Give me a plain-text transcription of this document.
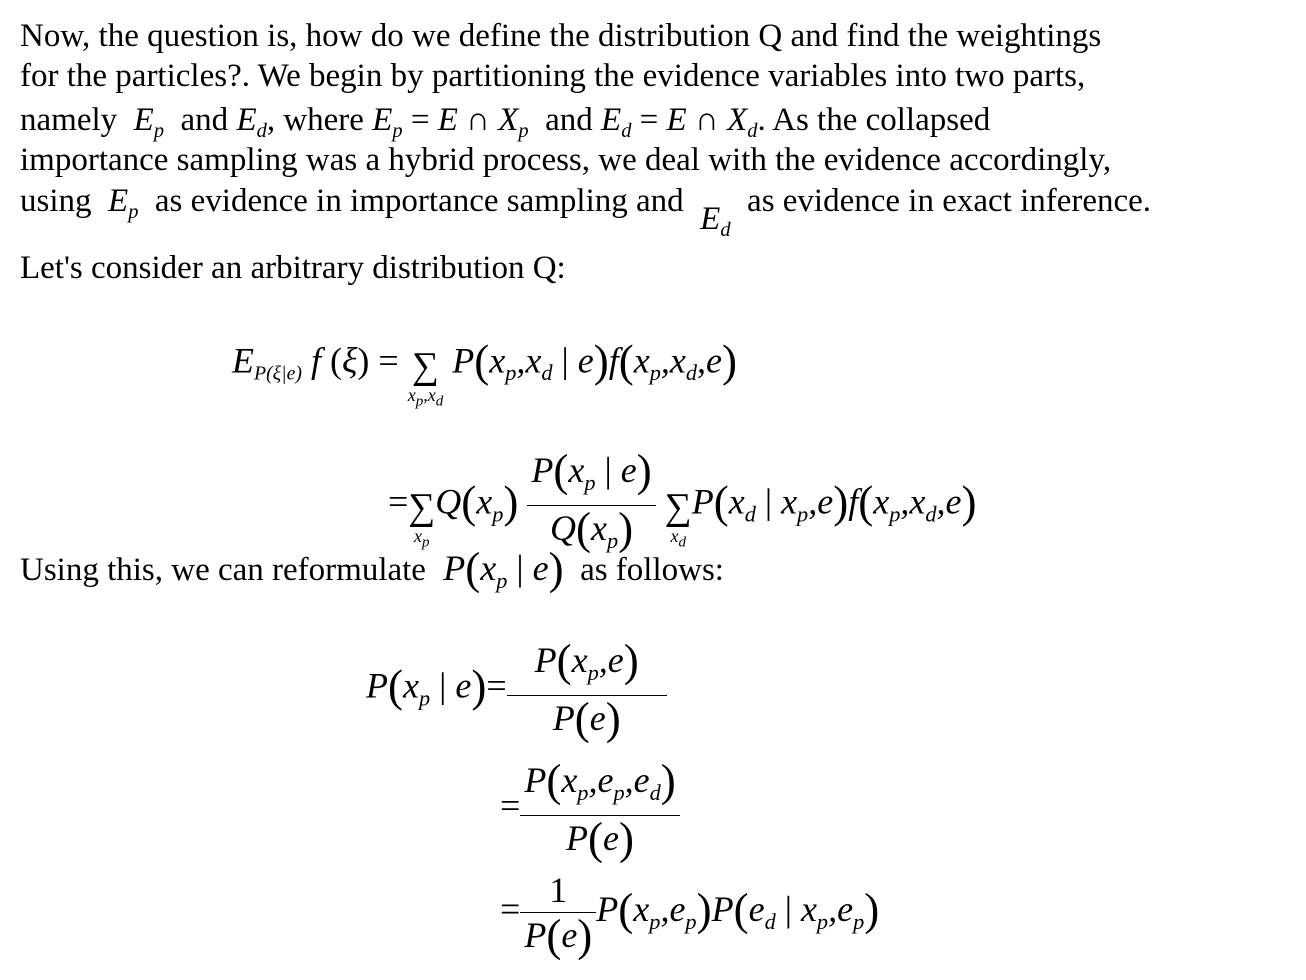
Now, the question is, how do we define the distribution Q and find the weightings
for the particles?. We begin by partitioning the evidence variables into two parts,
namely  $E_p$ and $E_d$, where $E_p = E$ ∩ $X_p$ and $E_d = E$ ∩ $X_d$. As the collapsed
importance sampling was a hybrid process, we deal with the evidence accordingly,
using  $E_p$ as evidence in importance sampling and  $E_d$  as evidence in exact inference.
Let's consider an arbitrary distribution Q:
EP(ξ|e) f (ξ) = ∑
$x_p,x_d$
$P(x_p,x_d$ | $e)f(x_p,x_d,e)$
= ∑
$x_p$
$Q(x_p) \frac{P(x_p | e)}{Q(x_p)}$
∑
$x_d$
$P(x_d$ | $x_p,e)f(x_p,x_d,e)$
Using this, we can reformulate  $P(x_p$ | e) as follows:
$P(x_p$ | $e)= \frac{P(x_p,e)}{P(e)}$
= $\frac{P(x_p,e_p,e_d)}{P(e)}$
= $\frac{1}{P(e)} P(x_p,e_p)P(e_d$ | $x_p,e_p$)
